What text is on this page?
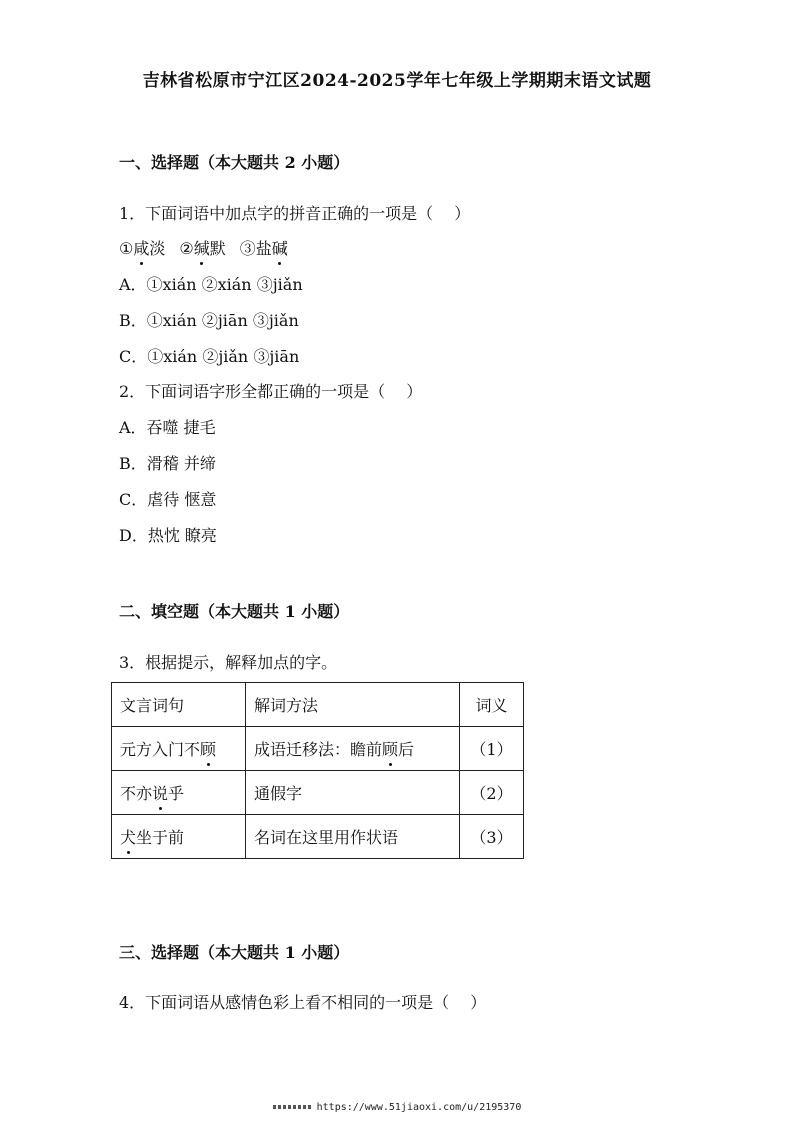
吉林省松原市宁江区2024-2025学年七年级上学期期末语文试题
一、选择题（本大题共 2 小题）
1．下面词语中加点字的拼音正确的一项是（　 ）
①咸淡 ②缄默 ③盐碱
A．①xián ②xián ③jiǎn
B．①xián ②jiān ③jiǎn
C．①xián ②jiǎn ③jiān
2．下面词语字形全都正确的一项是（　 ）
A．吞噬 捷毛
B．滑稽 并缔
C．虐待 惬意
D．热忱 瞭亮
二、填空题（本大题共 1 小题）
3．根据提示，解释加点的字。
文言词句	解词方法	词义
元方入门不顾	成语迁移法：瞻前顾后	（1）
不亦说乎	通假字	（2）
犬坐于前	名词在这里用作状语	（3）
三、选择题（本大题共 1 小题）
4．下面词语从感情色彩上看不相同的一项是（　 ）
https://www.51jiaoxi.com/u/2195370
